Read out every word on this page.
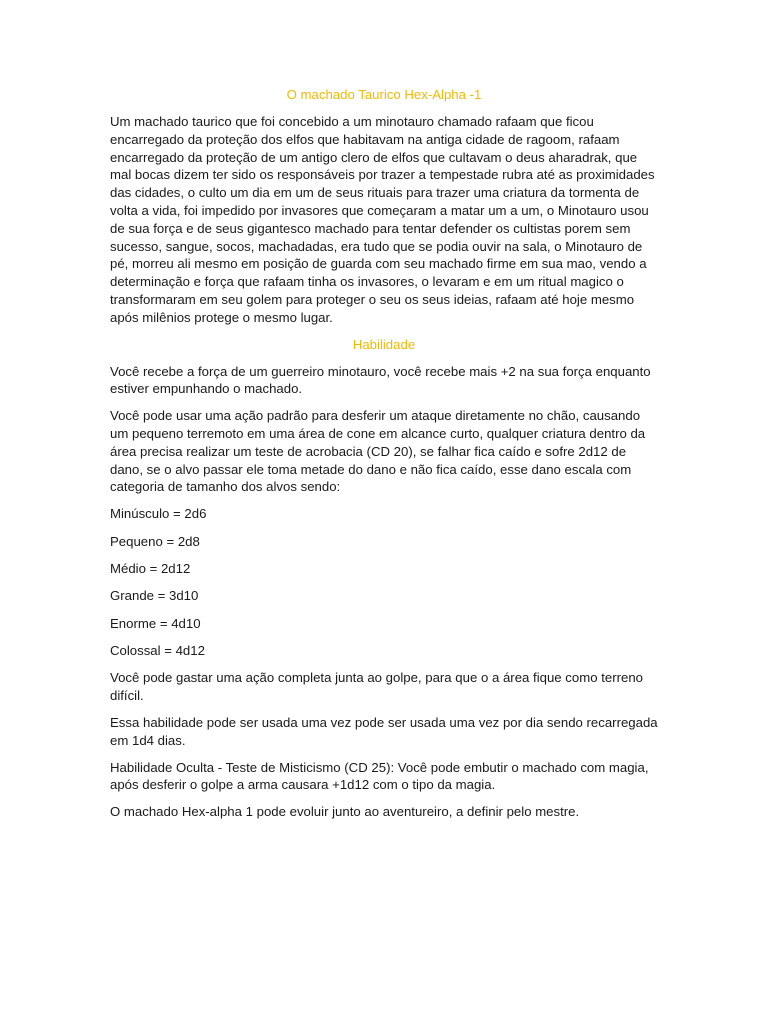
O machado Taurico Hex-Alpha -1

Um machado taurico que foi concebido a um minotauro chamado rafaam que ficou encarregado da proteção dos elfos que habitavam na antiga cidade de ragoom, rafaam encarregado da proteção de um antigo clero de elfos que cultavam o deus aharadrak, que mal bocas dizem ter sido os responsáveis por trazer a tempestade rubra até as proximidades das cidades, o culto um dia em um de seus rituais para trazer uma criatura da tormenta de volta a vida, foi impedido por invasores que começaram a matar um a um, o Minotauro usou de sua força e de seus gigantesco machado para tentar defender os cultistas porem sem sucesso, sangue, socos, machadadas, era tudo que se podia ouvir na sala, o Minotauro de pé, morreu ali mesmo em posição de guarda com seu machado firme em sua mao, vendo a determinação e força que rafaam tinha os invasores, o levaram e em um ritual magico o transformaram em seu golem para proteger o seu os seus ideias, rafaam até hoje mesmo após milênios protege o mesmo lugar.

Habilidade

Você recebe a força de um guerreiro minotauro, você recebe mais +2 na sua força enquanto estiver empunhando o machado.

Você pode usar uma ação padrão para desferir um ataque diretamente no chão, causando um pequeno terremoto em uma área de cone em alcance curto, qualquer criatura dentro da área precisa realizar um teste de acrobacia (CD 20), se falhar fica caído e sofre 2d12 de dano, se o alvo passar ele toma metade do dano e não fica caído, esse dano escala com categoria de tamanho dos alvos sendo:

Minúsculo = 2d6

Pequeno = 2d8

Médio = 2d12

Grande = 3d10

Enorme = 4d10

Colossal = 4d12

Você pode gastar uma ação completa junta ao golpe, para que o a área fique como terreno difícil.

Essa habilidade pode ser usada uma vez pode ser usada uma vez por dia sendo recarregada em 1d4 dias.

Habilidade Oculta - Teste de Misticismo (CD 25): Você pode embutir o machado com magia, após desferir o golpe a arma causara +1d12 com o tipo da magia.

O machado Hex-alpha 1 pode evoluir junto ao aventureiro, a definir pelo mestre.
